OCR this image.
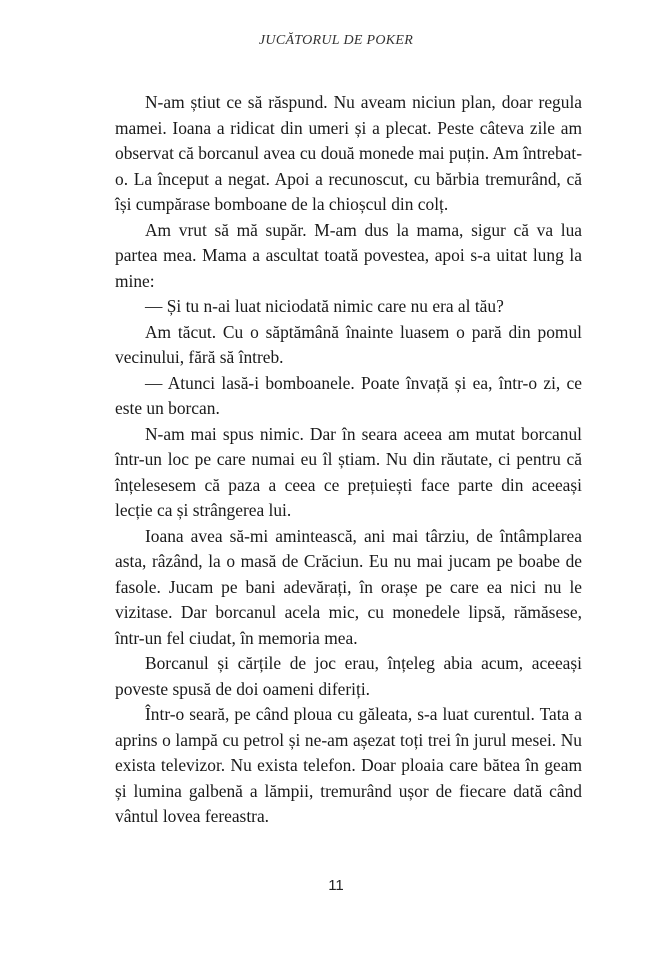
JUCĂTORUL DE POKER

N-am știut ce să răspund. Nu aveam niciun plan, doar regula mamei. Ioana a ridicat din umeri și a plecat. Peste câteva zile am observat că borcanul avea cu două monede mai puțin. Am întrebat-o. La început a negat. Apoi a recunoscut, cu bărbia tremurând, că își cumpărase bomboane de la chioșcul din colț.

Am vrut să mă supăr. M-am dus la mama, sigur că va lua partea mea. Mama a ascultat toată povestea, apoi s-a uitat lung la mine:

— Și tu n-ai luat niciodată nimic care nu era al tău?

Am tăcut. Cu o săptămână înainte luasem o pară din pomul vecinului, fără să întreb.

— Atunci lasă-i bomboanele. Poate învață și ea, într-o zi, ce este un borcan.

N-am mai spus nimic. Dar în seara aceea am mutat borcanul într-un loc pe care numai eu îl știam. Nu din răutate, ci pentru că înțelesesem că paza a ceea ce prețuiești face parte din aceeași lecție ca și strângerea lui.

Ioana avea să-mi amintească, ani mai târziu, de întâmplarea asta, râzând, la o masă de Crăciun. Eu nu mai jucam pe boabe de fasole. Jucam pe bani adevărați, în orașe pe care ea nici nu le vizitase. Dar borcanul acela mic, cu monedele lipsă, rămăsese, într-un fel ciudat, în memoria mea.

Borcanul și cărțile de joc erau, înțeleg abia acum, aceeași poveste spusă de doi oameni diferiți.

Într-o seară, pe când ploua cu găleata, s-a luat curentul. Tata a aprins o lampă cu petrol și ne-am așezat toți trei în jurul mesei. Nu exista televizor. Nu exista telefon. Doar ploaia care bătea în geam și lumina galbenă a lămpii, tremurând ușor de fiecare dată când vântul lovea fereastra.

11
